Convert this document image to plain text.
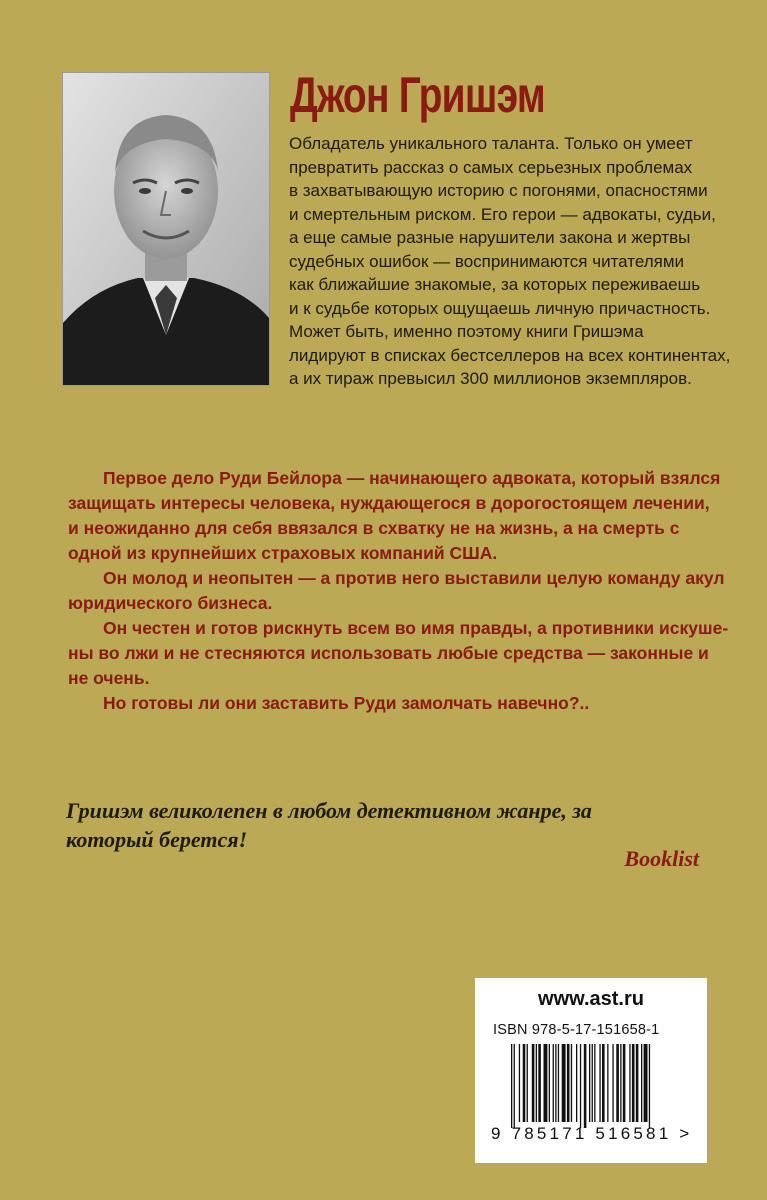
Джон Гришэм
Обладатель уникального таланта. Только он умеет
превратить рассказ о самых серьезных проблемах
в захватывающую историю с погонями, опасностями
и смертельным риском. Его герои — адвокаты, судьи,
а еще самые разные нарушители закона и жертвы
судебных ошибок — воспринимаются читателями
как ближайшие знакомые, за которых переживаешь
и к судьбе которых ощущаешь личную причастность.
Может быть, именно поэтому книги Гришэма
лидируют в списках бестселлеров на всех континентах,
а их тираж превысил 300 миллионов экземпляров.

Первое дело Руди Бейлора — начинающего адвоката, который взялся
защищать интересы человека, нуждающегося в дорогостоящем лечении,
и неожиданно для себя ввязался в схватку не на жизнь, а на смерть с
одной из крупнейших страховых компаний США.

Он молод и неопытен — а против него выставили целую команду акул
юридического бизнеса.

Он честен и готов рискнуть всем во имя правды, а противники искуше-
ны во лжи и не стесняются использовать любые средства — законные и
не очень.

Но готовы ли они заставить Руди замолчать навечно?..

Гришэм великолепен в любом детективном жанре, за
который берется!
Booklist
www.ast.ru
ISBN 978-5-17-151658-1
9 785171 516581 >
